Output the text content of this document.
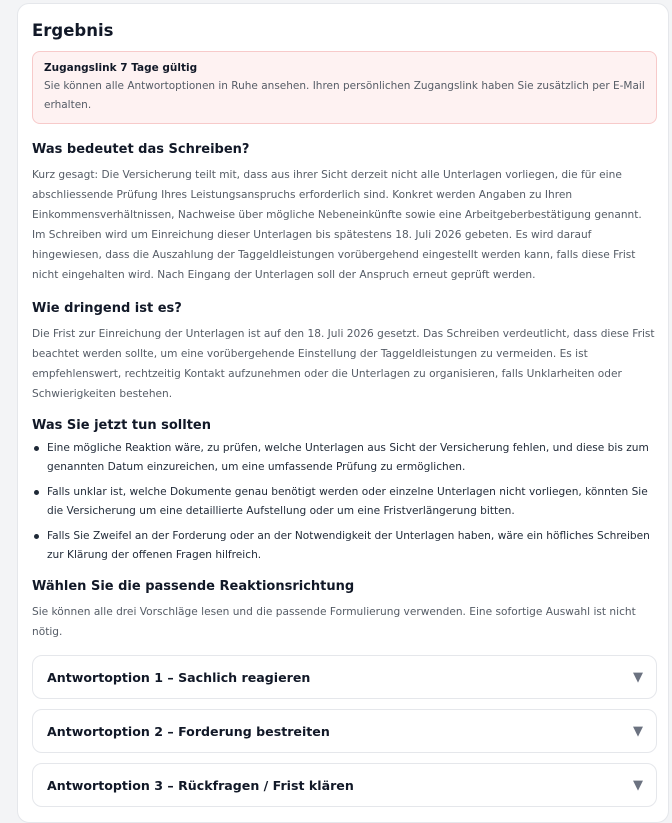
Ergebnis
Zugangslink 7 Tage gültig
Sie können alle Antwortoptionen in Ruhe ansehen. Ihren persönlichen Zugangslink haben Sie zusätzlich per E-Mail erhalten.
Was bedeutet das Schreiben?

Kurz gesagt: Die Versicherung teilt mit, dass aus ihrer Sicht derzeit nicht alle Unterlagen vorliegen, die für eine abschliessende Prüfung Ihres Leistungsanspruchs erforderlich sind. Konkret werden Angaben zu Ihren Einkommensverhältnissen, Nachweise über mögliche Nebeneinkünfte sowie eine Arbeitgeberbestätigung genannt. Im Schreiben wird um Einreichung dieser Unterlagen bis spätestens 18. Juli 2026 gebeten. Es wird darauf hingewiesen, dass die Auszahlung der Taggeldleistungen vorübergehend eingestellt werden kann, falls diese Frist nicht eingehalten wird. Nach Eingang der Unterlagen soll der Anspruch erneut geprüft werden.

Wie dringend ist es?

Die Frist zur Einreichung der Unterlagen ist auf den 18. Juli 2026 gesetzt. Das Schreiben verdeutlicht, dass diese Frist beachtet werden sollte, um eine vorübergehende Einstellung der Taggeldleistungen zu vermeiden. Es ist empfehlenswert, rechtzeitig Kontakt aufzunehmen oder die Unterlagen zu organisieren, falls Unklarheiten oder Schwierigkeiten bestehen.

Was Sie jetzt tun sollten
Eine mögliche Reaktion wäre, zu prüfen, welche Unterlagen aus Sicht der Versicherung fehlen, und diese bis zum genannten Datum einzureichen, um eine umfassende Prüfung zu ermöglichen.
Falls unklar ist, welche Dokumente genau benötigt werden oder einzelne Unterlagen nicht vorliegen, könnten Sie die Versicherung um eine detaillierte Aufstellung oder um eine Fristverlängerung bitten.
Falls Sie Zweifel an der Forderung oder an der Notwendigkeit der Unterlagen haben, wäre ein höfliches Schreiben zur Klärung der offenen Fragen hilfreich.
Wählen Sie die passende Reaktionsrichtung

Sie können alle drei Vorschläge lesen und die passende Formulierung verwenden. Eine sofortige Auswahl ist nicht nötig.

Antwortoption 1 – Sachlich reagieren	▼
Antwortoption 2 – Forderung bestreiten	▼
Antwortoption 3 – Rückfragen / Frist klären	▼
